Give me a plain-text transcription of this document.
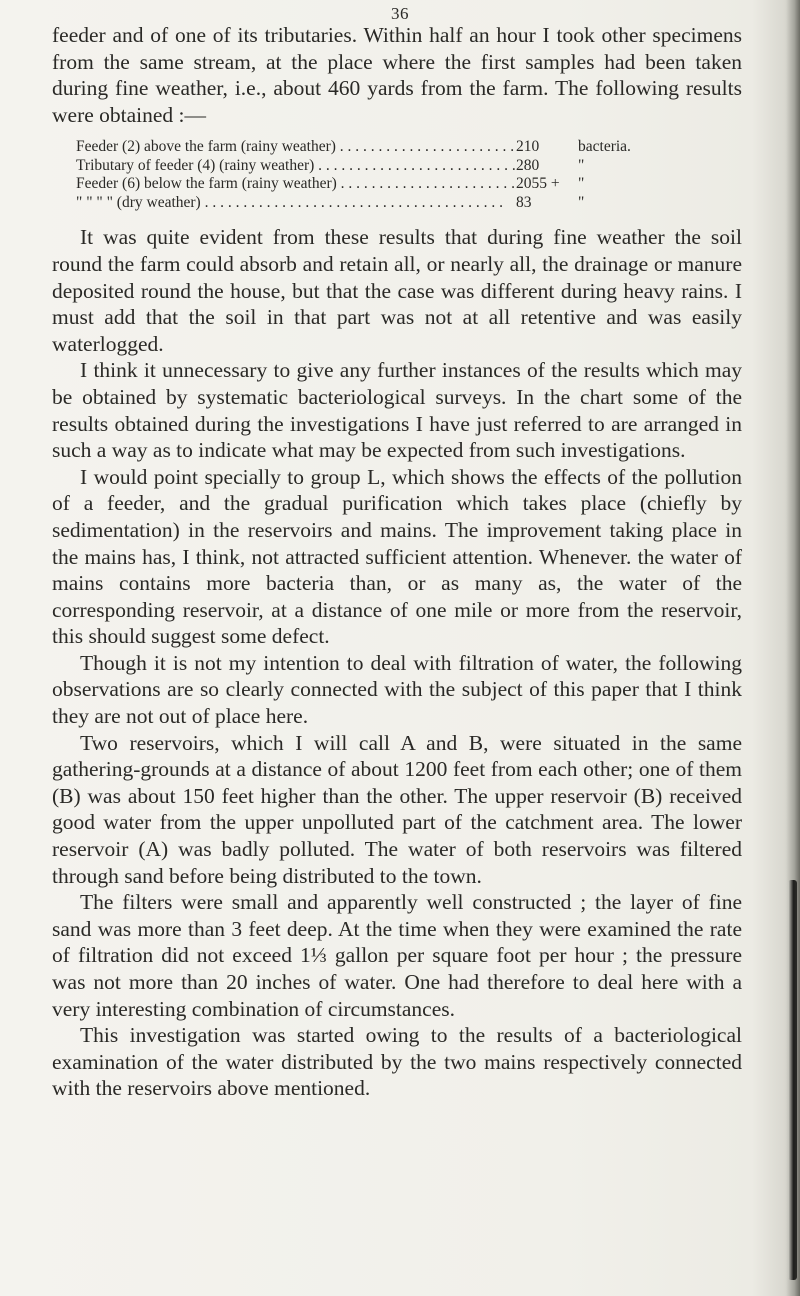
36

feeder and of one of its tributaries. Within half an hour I took other specimens from the same stream, at the place where the first samples had been taken during fine weather, i.e., about 460 yards from the farm. The following results were obtained :—

Feeder (2) above the farm (rainy weather) . . .	210	bacteria.
Tributary of feeder (4) (rainy weather) . . .	280	"
Feeder (6) below the farm (rainy weather) . . .	2055 +	"
" " " " (dry weather) . . .	83	"

It was quite evident from these results that during fine weather the soil round the farm could absorb and retain all, or nearly all, the drainage or manure deposited round the house, but that the case was different during heavy rains. I must add that the soil in that part was not at all retentive and was easily waterlogged.

I think it unnecessary to give any further instances of the results which may be obtained by systematic bacteriological surveys. In the chart some of the results obtained during the investigations I have just referred to are arranged in such a way as to indicate what may be expected from such investigations.

I would point specially to group L, which shows the effects of the pollution of a feeder, and the gradual purification which takes place (chiefly by sedimentation) in the reservoirs and mains. The improvement taking place in the mains has, I think, not attracted sufficient attention. Whenever. the water of mains contains more bacteria than, or as many as, the water of the corresponding reservoir, at a distance of one mile or more from the reservoir, this should suggest some defect.

Though it is not my intention to deal with filtration of water, the following observations are so clearly connected with the subject of this paper that I think they are not out of place here.

Two reservoirs, which I will call A and B, were situated in the same gathering-grounds at a distance of about 1200 feet from each other; one of them (B) was about 150 feet higher than the other. The upper reservoir (B) received good water from the upper unpolluted part of the catchment area. The lower reservoir (A) was badly polluted. The water of both reservoirs was filtered through sand before being distributed to the town.

The filters were small and apparently well constructed ; the layer of fine sand was more than 3 feet deep. At the time when they were examined the rate of filtration did not exceed 1⅓ gallon per square foot per hour ; the pressure was not more than 20 inches of water. One had therefore to deal here with a very interesting combination of circumstances.

This investigation was started owing to the results of a bacteriological examination of the water distributed by the two mains respectively connected with the reservoirs above mentioned.
